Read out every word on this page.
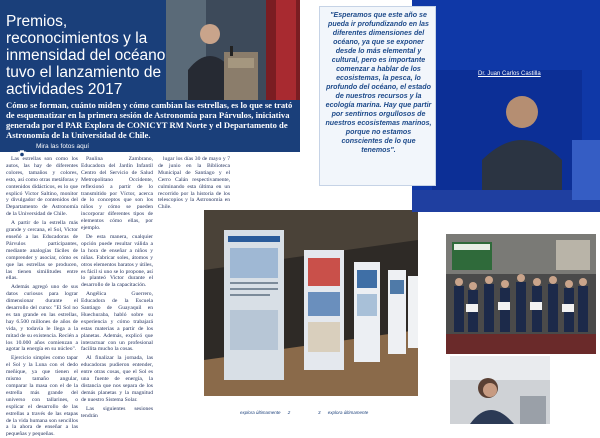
Premios, reconocimientos y la inmensidad del océano tuvo el lanzamiento de actividades 2017
Cómo se forman, cuánto miden y cómo cambian las estrellas, es lo que se trató de esquematizar en la primera sesión de Astronomía para Párvulos, iniciativa generada por el PAR Explora de CONICYT RM Norte y el Departamento de Astronomía de la Universidad de Chile.
Mira las fotos aquí

Las estrellas son como los autos, las hay de diferentes colores, tamaños y colores, esto, así como otras metáforas y contenidos didácticos, es lo que explicó Victor Saltino, monitor y divulgador de contenidos del Departamento de Astronomía de la Universidad de Chile.

A partir de la estrella más grande y cercana, el Sol, Victor enseñó a las Educadoras de Párvulos participantes, mediante analogías fáciles de comprender y asociar, cómo es que las estrellas se producen, las tienen similitudes entre ellas.

Además agregó uno de sus datos curiosos para lograr dimensionar durante el desarrollo del curso: "El Sol no es tan grande en las estrellas, hay 6.500 millones de años de vida, y todavía le llega a la mitad de su existencia. Recién a los 10.000 años comienzan a agotar la energía en su núcleo".

Ejercicio simples como tapar el Sol y la Luna con el dedo meñique, ya que tienen el mismo tamaño angular, comparar la masa con el de la estrella más grande del universo con tallarines, o explicar el desarrollo de las estrellas a través de las etapas de la vida humana son sencillos a la ahora de enseñar a las pequeñas y pequeñas.

Paulina Zambrano, Educadora del Jardín Infantil Centro del Servicio de Salud Metropolitano Occidente, reflexionó a partir de lo transmitido por Víctor, acerca de lo conceptos que son los niños y cómo se pueden incorporar diferentes tipos de elementos cómo ellas, por ejemplo.

De esta manera, cualquier opción puede resultar válida a la hora de enseñar a niños y niñas. Fabricar soles, átomos y otros elementos baratos y útiles, es fácil si uno se lo propone, así lo planteó Victor durante el desarrollo de la capacitación.

Angélica Guerrero, Educadora de la Escuela Santiago de Guayaquil en Huechuraba, habló sobre su experiencia y cómo trabajará estas materias a partir de los planetas. Además, explicó que interactuar con un profesional facilita mucho la cosas.

Al finalizar la jornada, las educadoras pudieron entender, entre otras cosas, que el Sol es una fuente de energía, la distancia que nos separa de los demás planetas y la magnitud de nuestro Sistema Solar.

Las siguientes sesiones tendrán

lugar los días 30 de mayo y 7 de junio en la Biblioteca Municipal de Santiago y el Cerro Calán respectivamente, culminando esta última en un recorrido por la historia de los telescopios y la Astronomía en Chile.

"Esperamos que este año se pueda ir profundizando en las diferentes dimensiones del océano, ya que se exponer desde lo más elemental y cultural, pero es importante comenzar a hablar de los ecosistemas, la pesca, lo profundo del océano, el estado de nuestros recursos y la ecología marina. Hay que partir por sentirnos orgullosos de nuestros ecosistemas marinos, porque no estamos conscientes de lo que tenemos".
Dr. Juan Carlos Castilla
explora últimamente 2	3 explora últimamente
